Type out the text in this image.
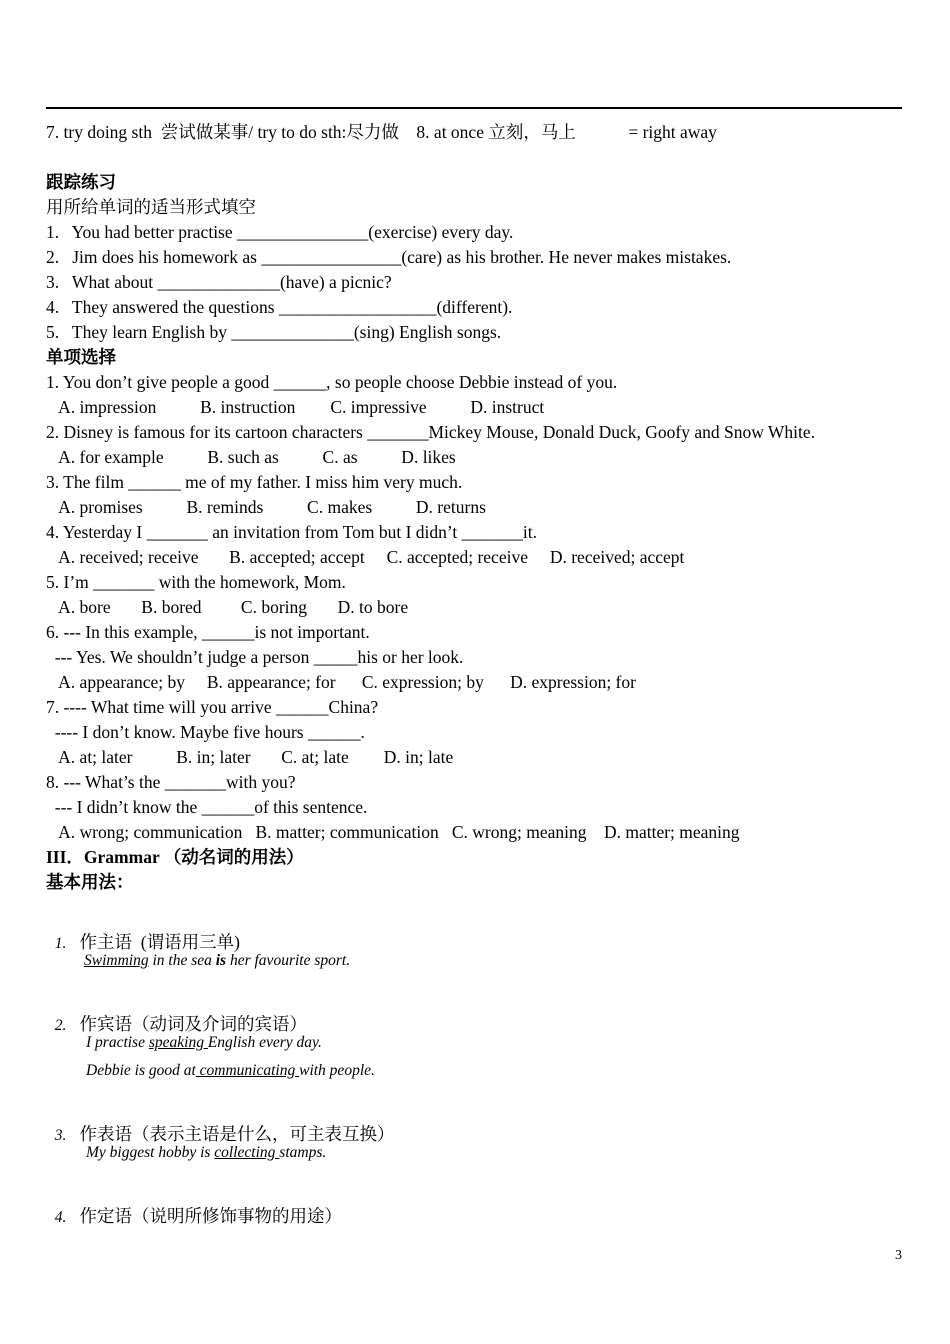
7. try doing sth  尝试做某事/ try to do sth:尽力做    8. at once 立刻，马上            = right away
跟踪练习
用所给单词的适当形式填空
1.   You had better practise _______________(exercise) every day.
2.   Jim does his homework as ________________(care) as his brother. He never makes mistakes.
3.   What about ______________(have) a picnic?
4.   They answered the questions __________________(different).
5.   They learn English by ______________(sing) English songs.
单项选择
1. You don’t give people a good ______, so people choose Debbie instead of you.
A. impression          B. instruction        C. impressive          D. instruct
2. Disney is famous for its cartoon characters _______Mickey Mouse, Donald Duck, Goofy and Snow White.
A. for example          B. such as          C. as          D. likes
3. The film ______ me of my father. I miss him very much.
A. promises          B. reminds          C. makes          D. returns
4. Yesterday I _______ an invitation from Tom but I didn’t _______it.
A. received; receive       B. accepted; accept     C. accepted; receive     D. received; accept
5. I’m _______ with the homework, Mom.
A. bore       B. bored         C. boring       D. to bore
6. --- In this example, ______is not important.
--- Yes. We shouldn’t judge a person _____his or her look.
A. appearance; by     B. appearance; for      C. expression; by      D. expression; for
7. ---- What time will you arrive ______China?
---- I don’t know. Maybe five hours ______.
A. at; later          B. in; later       C. at; late        D. in; late
8. --- What’s the _______with you?
--- I didn’t know the ______of this sentence.
A. wrong; communication   B. matter; communication   C. wrong; meaning    D. matter; meaning
III．Grammar （动名词的用法）
基本用法：

1. 作主语  (谓语用三单)

Swimming in the sea is her favourite sport.

2. 作宾语（动词及介词的宾语）

I practise speaking English every day.
Debbie is good at communicating with people.

3. 作表语（表示主语是什么，可主表互换）

My biggest hobby is collecting stamps.

4. 作定语（说明所修饰事物的用途）

3
